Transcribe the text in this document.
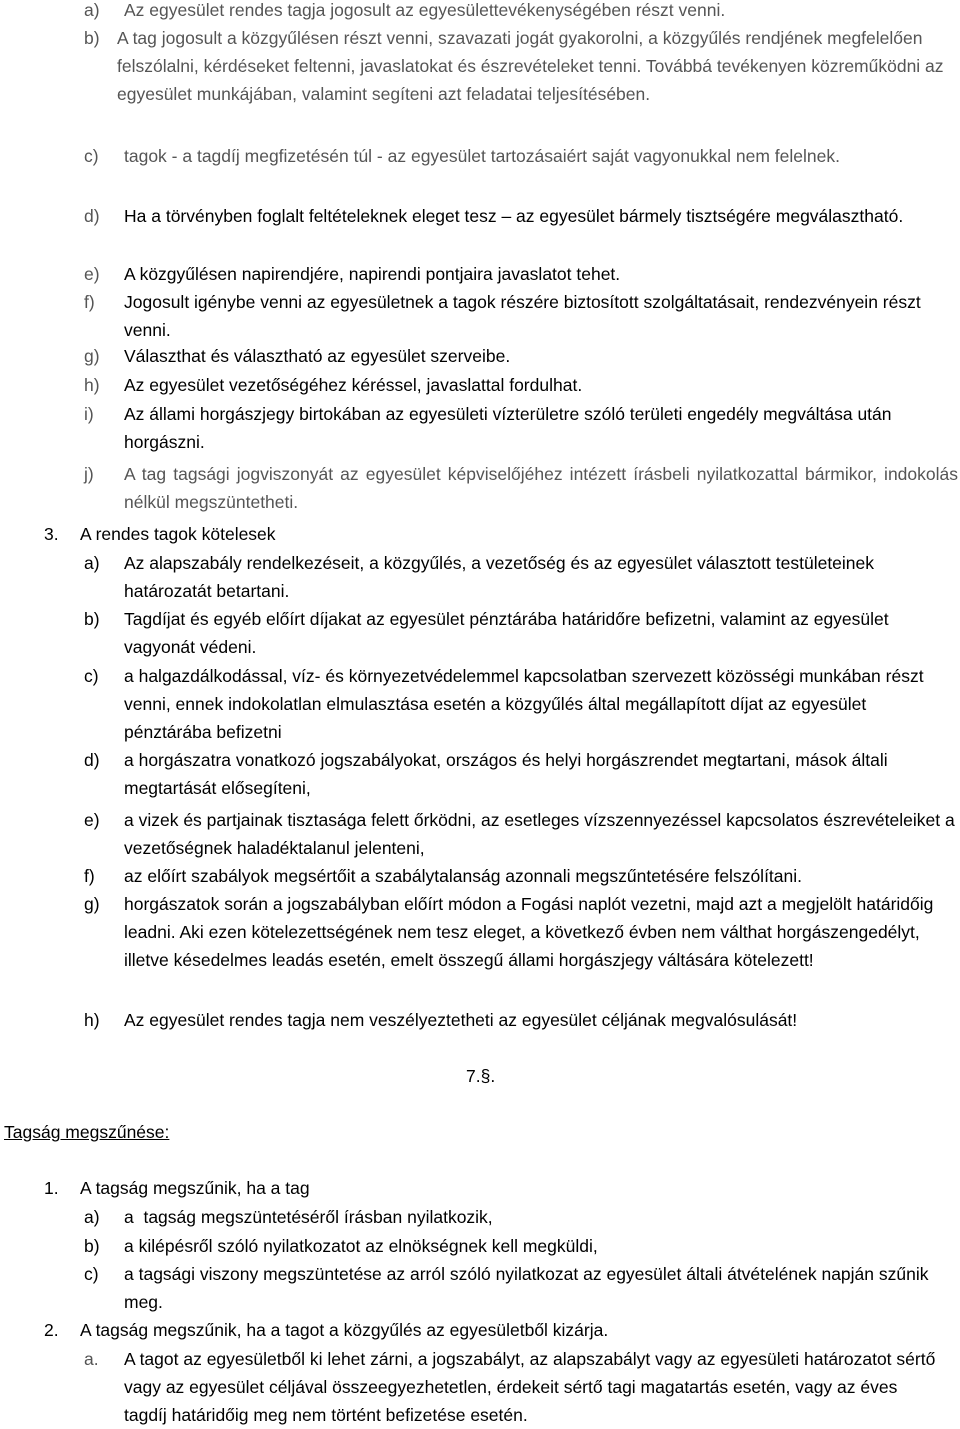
a) Az egyesület rendes tagja jogosult az egyesülettevékenységében részt venni.
b) A tag jogosult a közgyűlésen részt venni, szavazati jogát gyakorolni, a közgyűlés rendjének megfelelően felszólalni, kérdéseket feltenni, javaslatokat és észrevételeket tenni. Továbbá tevékenyen közreműködni az egyesület munkájában, valamint segíteni azt feladatai teljesítésében.
c) tagok - a tagdíj megfizetésén túl - az egyesület tartozásaiért saját vagyonukkal nem felelnek.
d) Ha a törvényben foglalt feltételeknek eleget tesz – az egyesület bármely tisztségére megválasztható.
e) A közgyűlésen napirendjére, napirendi pontjaira javaslatot tehet.
f) Jogosult igénybe venni az egyesületnek a tagok részére biztosított szolgáltatásait, rendezvényein részt venni.
g) Választhat és választható az egyesület szerveibe.
h) Az egyesület vezetőségéhez kéréssel, javaslattal fordulhat.
i) Az állami horgászjegy birtokában az egyesületi vízterületre szóló területi engedély megváltása után horgászni.
j) A tag tagsági jogviszonyát az egyesület képviselőjéhez intézett írásbeli nyilatkozattal bármikor, indokolás nélkül megszüntetheti.
3. A rendes tagok kötelesek
a) Az alapszabály rendelkezéseit, a közgyűlés, a vezetőség és az egyesület választott testületeinek határozatát betartani.
b) Tagdíjat és egyéb előírt díjakat az egyesület pénztárába határidőre befizetni, valamint az egyesület vagyonát védeni.
c) a halgazdálkodással, víz- és környezetvédelemmel kapcsolatban szervezett közösségi munkában részt venni, ennek indokolatlan elmulasztása esetén a közgyűlés által megállapított díjat az egyesület pénztárába befizetni
d) a horgászatra vonatkozó jogszabályokat, országos és helyi horgászrendet megtartani, mások általi megtartását elősegíteni,
e) a vizek és partjainak tisztasága felett őrködni, az esetleges vízszennyezéssel kapcsolatos észrevételeiket a vezetőségnek haladéktalanul jelenteni,
f) az előírt szabályok megsértőit a szabálytalanság azonnali megszűntetésére felszólítani.
g) horgászatok során a jogszabályban előírt módon a Fogási naplót vezetni, majd azt a megjelölt határidőig leadni. Aki ezen kötelezettségének nem tesz eleget, a következő évben nem válthat horgászengedélyt, illetve késedelmes leadás esetén, emelt összegű állami horgászjegy váltására kötelezett!
h) Az egyesület rendes tagja nem veszélyeztetheti az egyesület céljának megvalósulását!
7.§.
Tagság megszűnése:
1. A tagság megszűnik, ha a tag
a) a  tagság megszüntetéséről írásban nyilatkozik,
b) a kilépésről szóló nyilatkozatot az elnökségnek kell megküldi,
c) a tagsági viszony megszüntetése az arról szóló nyilatkozat az egyesület általi átvételének napján szűnik meg.
2. A tagság megszűnik, ha a tagot a közgyűlés az egyesületből kizárja.
a. A tagot az egyesületből ki lehet zárni, a jogszabályt, az alapszabályt vagy az egyesületi határozatot sértő vagy az egyesület céljával összeegyezhetetlen, érdekeit sértő tagi magatartás esetén, vagy az éves tagdíj határidőig meg nem történt befizetése esetén.
